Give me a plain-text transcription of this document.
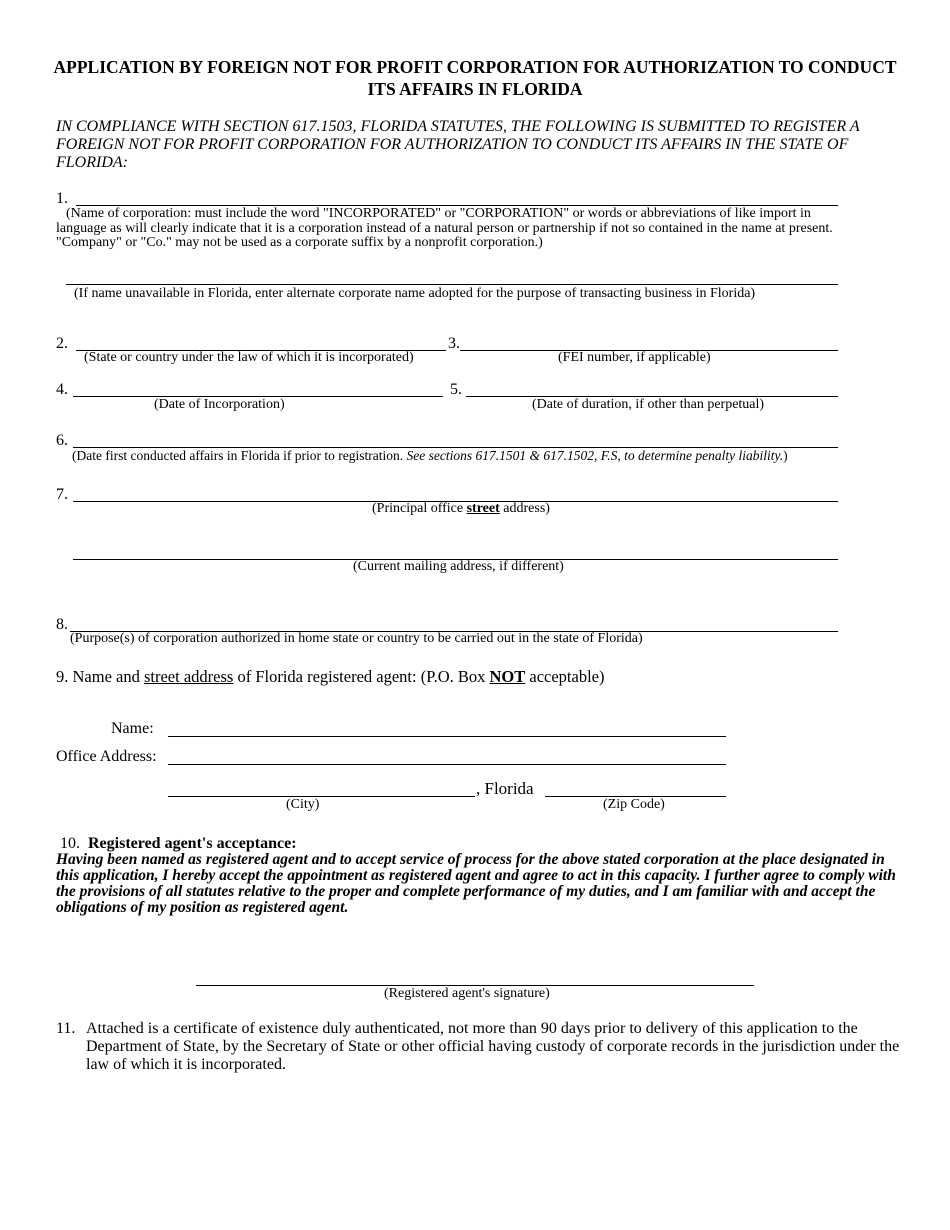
APPLICATION BY FOREIGN NOT FOR PROFIT CORPORATION FOR AUTHORIZATION TO CONDUCT ITS AFFAIRS IN FLORIDA
IN COMPLIANCE WITH SECTION 617.1503, FLORIDA STATUTES, THE FOLLOWING IS SUBMITTED TO REGISTER A FOREIGN NOT FOR PROFIT CORPORATION FOR AUTHORIZATION TO CONDUCT ITS AFFAIRS IN THE STATE OF FLORIDA:
1.
(Name of corporation: must include the word "INCORPORATED" or "CORPORATION" or words or abbreviations of like import in language as will clearly indicate that it is a corporation instead of a natural person or partnership if not so contained in the name at present. "Company" or "Co." may not be used as a corporate suffix by a nonprofit corporation.)
(If name unavailable in Florida, enter alternate corporate name adopted for the purpose of transacting business in Florida)
2.
(State or country under the law of which it is incorporated)
3.
(FEI number, if applicable)
4.
(Date of Incorporation)
5.
(Date of duration, if other than perpetual)
6.
(Date first conducted affairs in Florida if prior to registration. See sections 617.1501 & 617.1502, F.S, to determine penalty liability.)
7.
(Principal office street address)
(Current mailing address, if different)
8.
(Purpose(s) of corporation authorized in home state or country to be carried out in the state of Florida)
9. Name and street address of Florida registered agent: (P.O. Box NOT acceptable)
Name:
Office Address:
, Florida
(City)	(Zip Code)
10. Registered agent's acceptance:
Having been named as registered agent and to accept service of process for the above stated corporation at the place designated in this application, I hereby accept the appointment as registered agent and agree to act in this capacity. I further agree to comply with the provisions of all statutes relative to the proper and complete performance of my duties, and I am familiar with and accept the obligations of my position as registered agent.
(Registered agent's signature)
11. Attached is a certificate of existence duly authenticated, not more than 90 days prior to delivery of this application to the Department of State, by the Secretary of State or other official having custody of corporate records in the jurisdiction under the law of which it is incorporated.
